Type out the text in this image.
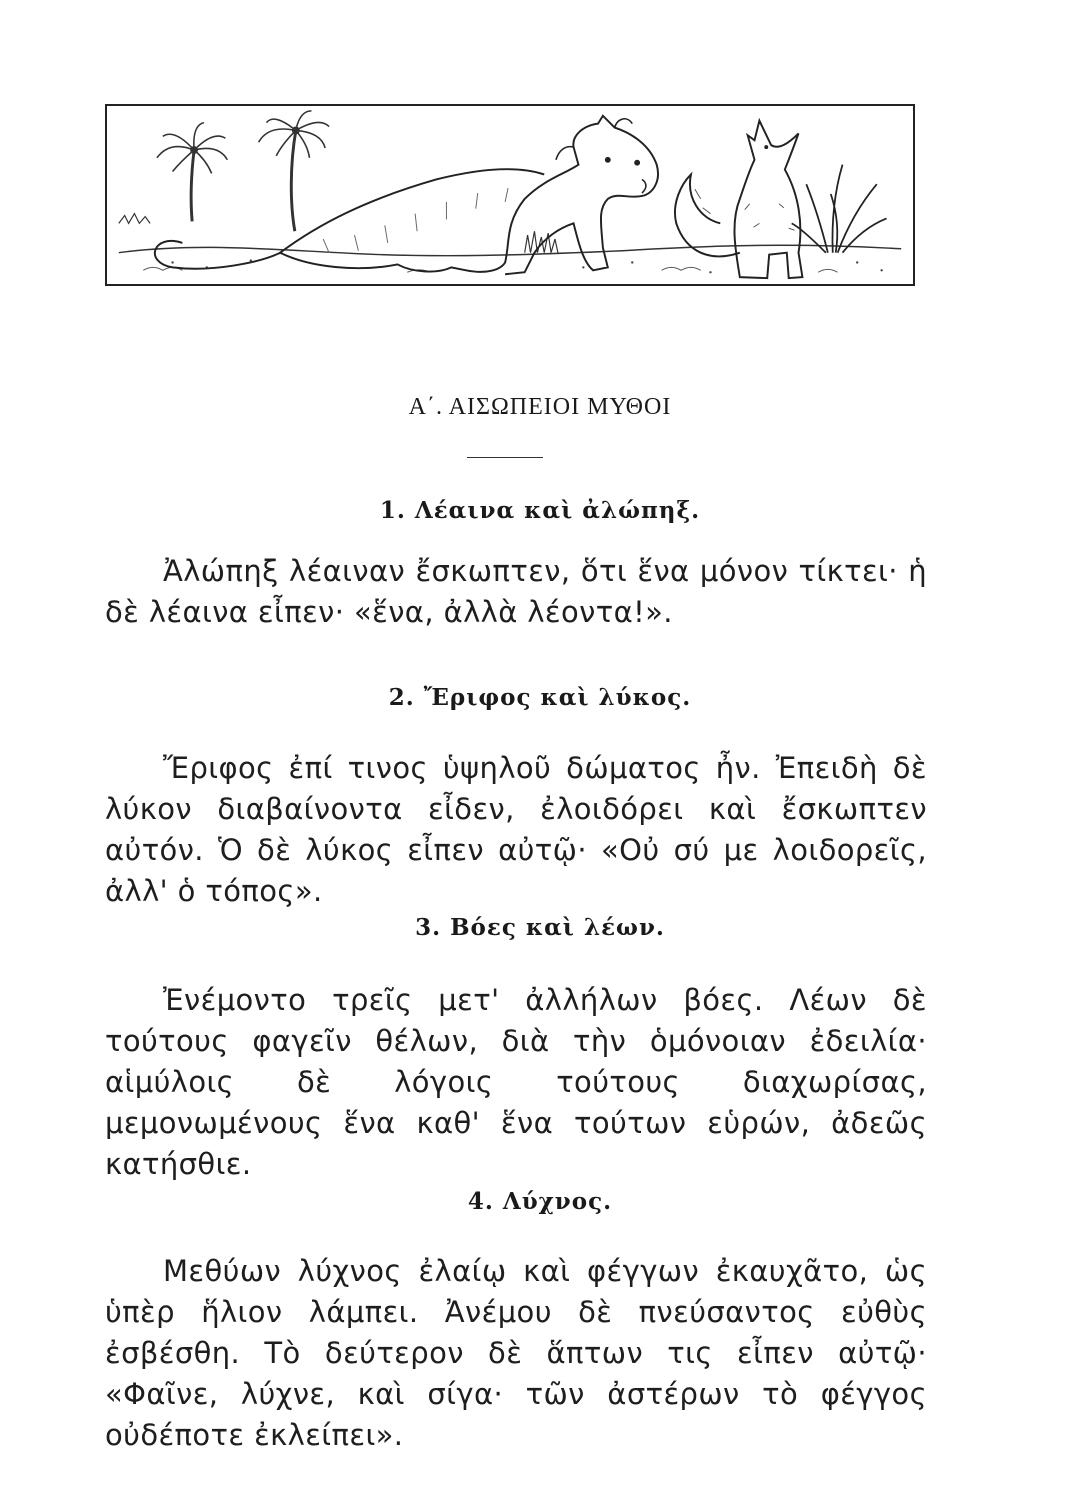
Α΄. ΑΙΣΩΠΕΙΟΙ ΜΥΘΟΙ
1. Λέαινα καὶ ἀλώπηξ.
Ἀλώπηξ λέαιναν ἔσκωπτεν, ὅτι ἕνα μόνον τίκτει· ἡ δὲ λέαινα εἶπεν· «ἕνα, ἀλλὰ λέοντα!».
2. Ἔριφος καὶ λύκος.
Ἔριφος ἐπί τινος ὑψηλοῦ δώματος ἦν. Ἐπειδὴ δὲ λύκον διαβαίνοντα εἶδεν, ἐλοιδόρει καὶ ἔσκωπτεν αὐτόν. Ὁ δὲ λύκος εἶπεν αὐτῷ· «Οὐ σύ με λοιδορεῖς, ἀλλ' ὁ τόπος».
3. Βόες καὶ λέων.
Ἐνέμοντο τρεῖς μετ' ἀλλήλων βόες. Λέων δὲ τούτους φαγεῖν θέλων, διὰ τὴν ὁμόνοιαν ἐδειλία· αἱμύλοις δὲ λόγοις τούτους διαχωρίσας, μεμονωμένους ἕνα καθ' ἕνα τούτων εὑρών, ἀδεῶς κατήσθιε.
4. Λύχνος.
Μεθύων λύχνος ἐλαίῳ καὶ φέγγων ἐκαυχᾶτο, ὡς ὑπὲρ ἥλιον λάμπει. Ἀνέμου δὲ πνεύσαντος εὐθὺς ἐσβέσθη. Τὸ δεύτερον δὲ ἅπτων τις εἶπεν αὐτῷ· «Φαῖνε, λύχνε, καὶ σίγα· τῶν ἀστέρων τὸ φέγγος οὐδέποτε ἐκλείπει».
